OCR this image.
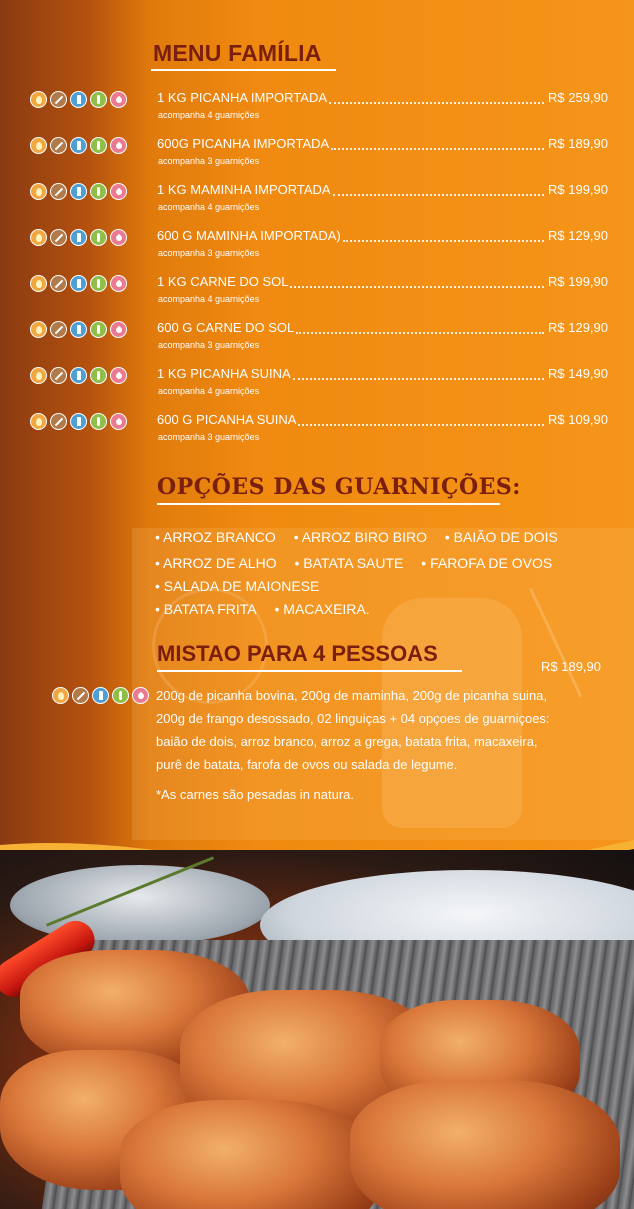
MENU FAMÍLIA
1 KG PICANHA IMPORTADA	R$ 259,90
acompanha 4 guarnições
600G PICANHA IMPORTADA	R$ 189,90
acompanha 3 guarnições
1 KG MAMINHA IMPORTADA	R$ 199,90
acompanha 4 guarnições
600 G MAMINHA IMPORTADA)	R$ 129,90
acompanha 3 guarnições
1 KG CARNE DO SOL	R$ 199,90
acompanha 4 guarnições
600 G CARNE DO SOL	R$ 129,90
acompanha 3 guarnições
1 KG PICANHA SUINA	R$ 149,90
acompanha 4 guarnições
600 G PICANHA SUINA	R$ 109,90
acompanha 3 guarnições
OPÇÕES DAS GUARNIÇÕES:
• ARROZ BRANCO • ARROZ BIRO BIRO • BAIÃO DE DOIS
• ARROZ DE ALHO • BATATA SAUTE • FAROFA DE OVOS
• SALADA DE MAIONESE
• BATATA FRITA • MACAXEIRA.
MISTAO PARA 4 PESSOAS
R$ 189,90
200g de picanha bovina, 200g de maminha, 200g de picanha suina,
200g de frango desossado, 02 linguiças + 04 opçoes de guarniçoes:
baião de dois, arroz branco, arroz a grega, batata frita, macaxeira,
purê de batata, farofa de ovos ou salada de legume.
*As carnes são pesadas in natura.
